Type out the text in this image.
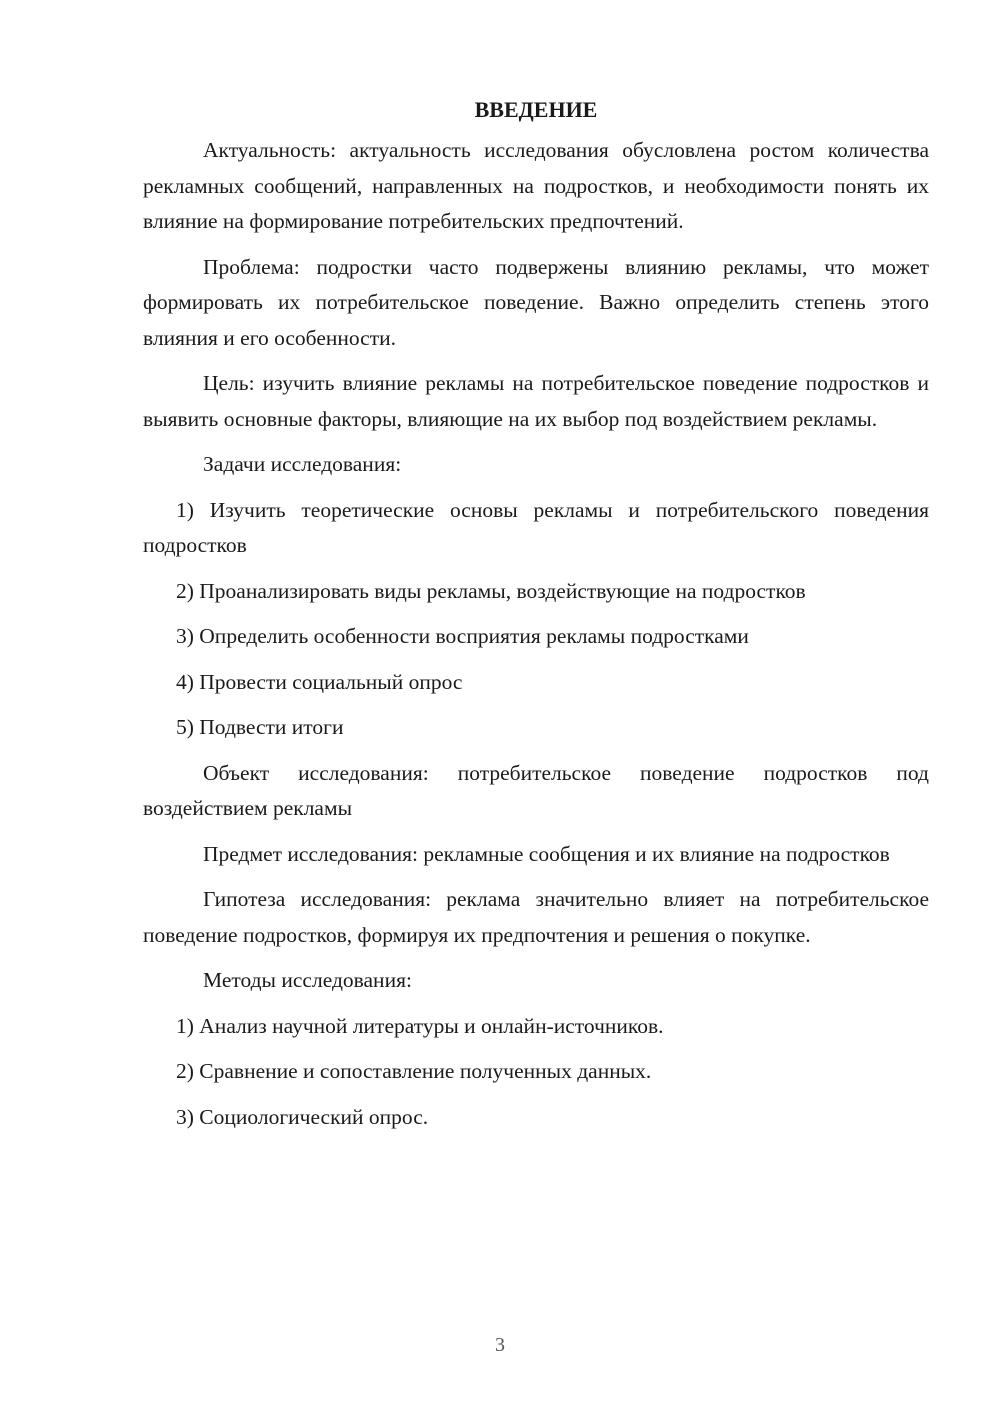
ВВЕДЕНИЕ

Актуальность: актуальность исследования обусловлена ростом количества рекламных сообщений, направленных на подростков, и необходимости понять их влияние на формирование потребительских предпочтений.

Проблема: подростки часто подвержены влиянию рекламы, что может формировать их потребительское поведение. Важно определить степень этого влияния и его особенности.

Цель: изучить влияние рекламы на потребительское поведение подростков и выявить основные факторы, влияющие на их выбор под воздействием рекламы.

Задачи исследования:

1) Изучить теоретические основы рекламы и потребительского поведения подростков

2) Проанализировать виды рекламы, воздействующие на подростков

3) Определить особенности восприятия рекламы подростками

4) Провести социальный опрос

5) Подвести итоги

Объект исследования: потребительское поведение подростков под воздействием рекламы

Предмет исследования: рекламные сообщения и их влияние на подростков

Гипотеза исследования: реклама значительно влияет на потребительское поведение подростков, формируя их предпочтения и решения о покупке.

Методы исследования:

1) Анализ научной литературы и онлайн-источников.

2) Сравнение и сопоставление полученных данных.

3) Социологический опрос.

3
